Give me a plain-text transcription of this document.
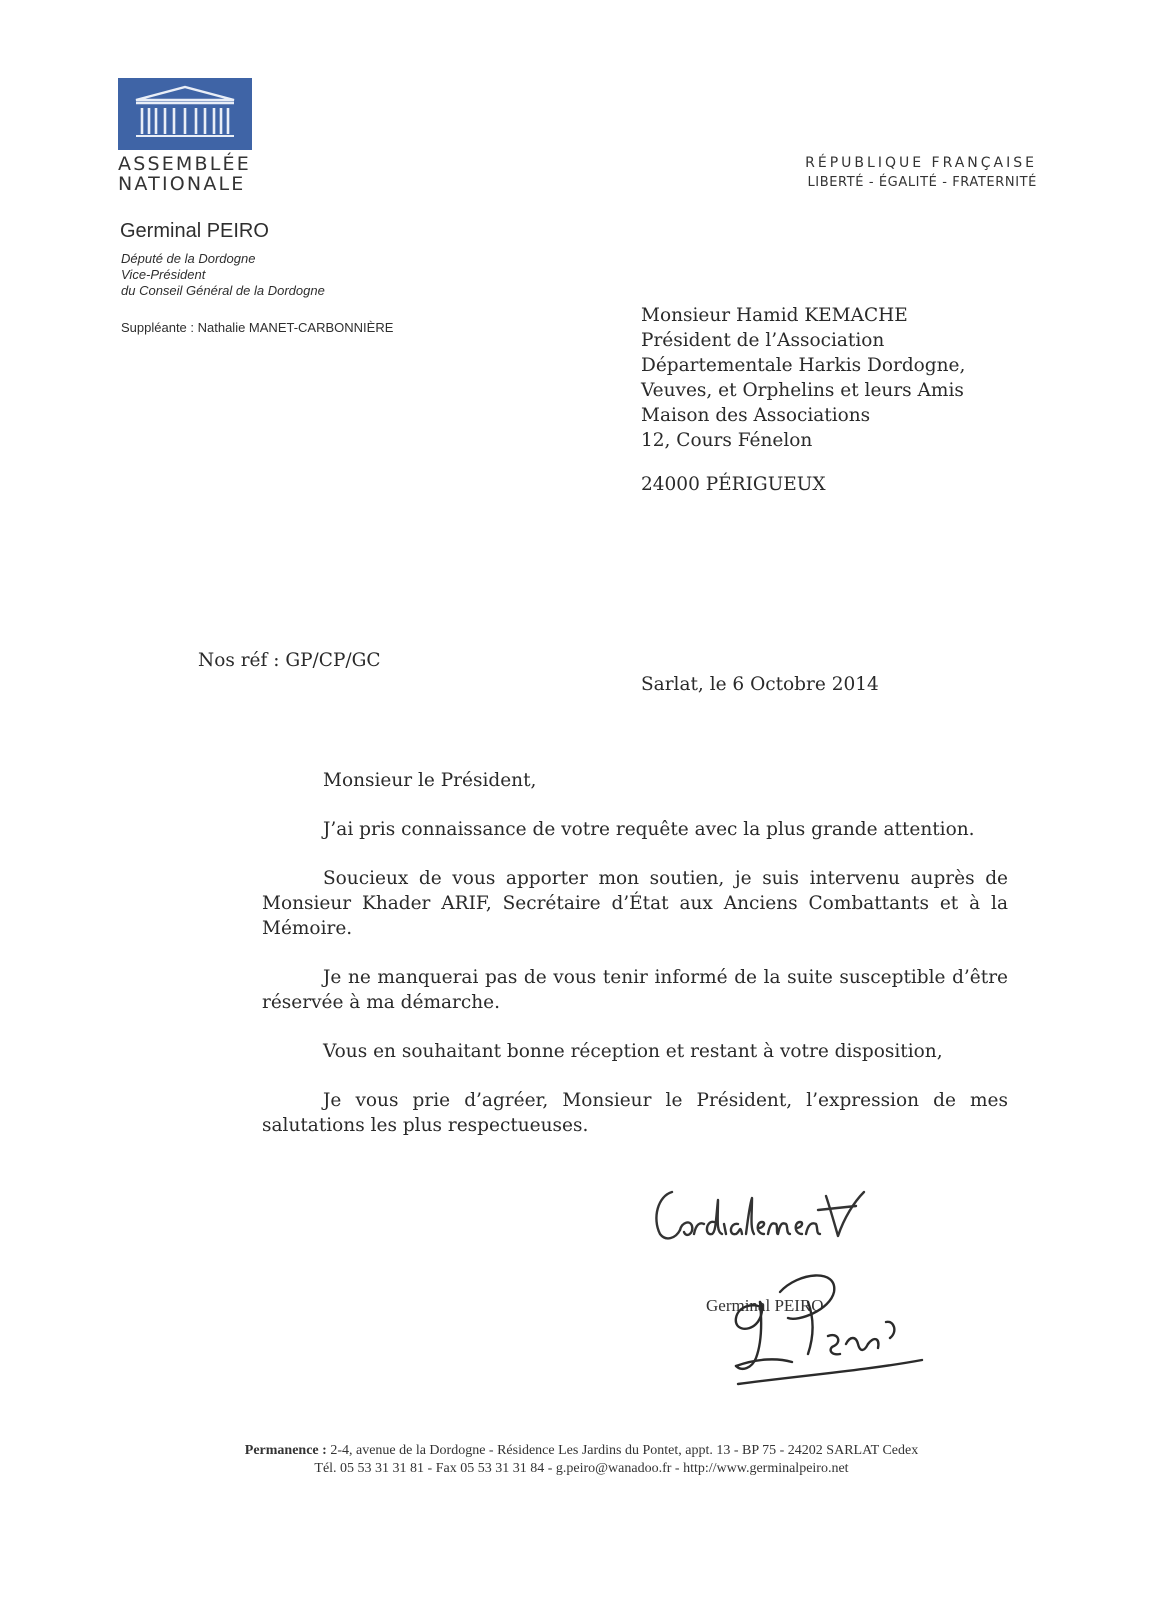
ASSEMBLÉE
NATIONALE
RÉPUBLIQUE FRANÇAISE
LIBERTÉ - ÉGALITÉ - FRATERNITÉ
Germinal PEIRO
Député de la Dordogne
Vice-Président
du Conseil Général de la Dordogne
Suppléante : Nathalie MANET-CARBONNIÈRE
Monsieur Hamid KEMACHE
Président de l’Association
Départementale Harkis Dordogne,
Veuves, et Orphelins et leurs Amis
Maison des Associations
12, Cours Fénelon
24000 PÉRIGUEUX
Nos réf : GP/CP/GC
Sarlat, le 6 Octobre 2014

Monsieur le Président,

J’ai pris connaissance de votre requête avec la plus grande attention.

Soucieux de vous apporter mon soutien, je suis intervenu auprès de Monsieur Khader ARIF, Secrétaire d’État aux Anciens Combattants et à la Mémoire.

Je ne manquerai pas de vous tenir informé de la suite susceptible d’être réservée à ma démarche.

Vous en souhaitant bonne réception et restant à votre disposition,

Je vous prie d’agréer, Monsieur le Président, l’expression de mes salutations les plus respectueuses.

Germinal PEIRO
Permanence : 2-4, avenue de la Dordogne - Résidence Les Jardins du Pontet, appt. 13 - BP 75 - 24202 SARLAT Cedex
Tél. 05 53 31 31 81 - Fax 05 53 31 31 84 - g.peiro@wanadoo.fr - http://www.germinalpeiro.net
